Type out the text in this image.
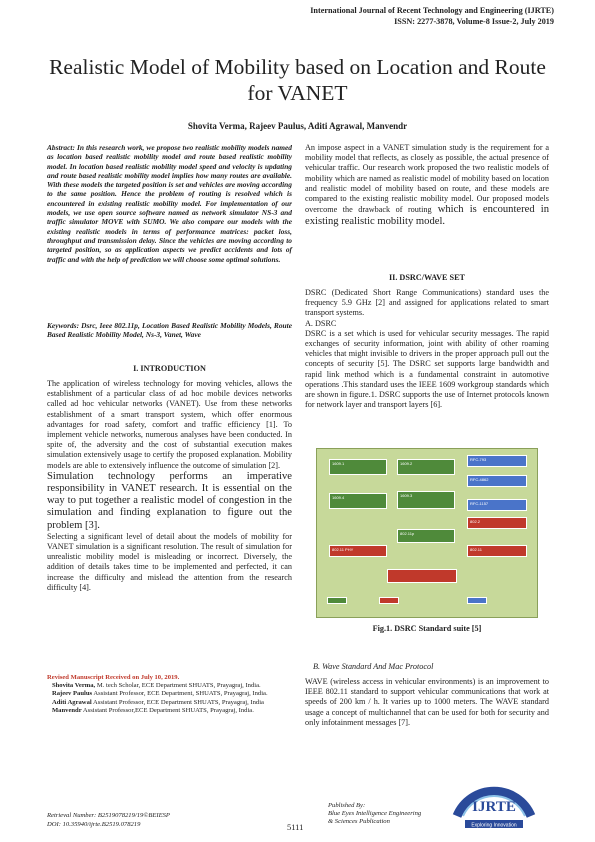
International Journal of Recent Technology and Engineering (IJRTE)
ISSN: 2277-3878, Volume-8 Issue-2, July 2019
Realistic Model of Mobility based on Location and Route for VANET
Shovita Verma, Rajeev Paulus, Aditi Agrawal, Manvendr
Abstract: In this research work, we propose two realistic mobility models named as location based realistic mobility model and route based realistic mobility model. In location based realistic mobility model speed and velocity is updating and route based realistic mobility model implies how many routes are available. With these models the targeted position is set and vehicles are moving according to the same position. Hence the problem of routing is resolved which is encountered in existing realistic mobility model. For implementation of our models, we use open source software named as network simulator NS-3 and traffic simulator MOVE with SUMO. We also compare our models with the existing realistic models in terms of performance matrices: packet loss, throughput and transmission delay. Since the vehicles are moving according to targeted position, so as application aspects we predict accidents and lots of traffic and with the help of prediction we will choose some optimal solutions.
Keywords: Dsrc, Ieee 802.11p, Location Based Realistic Mobility Models, Route Based Realistic Mobility Model, Ns-3, Vanet, Wave
I. INTRODUCTION
The application of wireless technology for moving vehicles, allows the establishment of a particular class of ad hoc mobile devices networks called ad hoc vehicular networks (VANET). Use from these networks establishment of a smart transport system, which offer enormous advantages for road safety, comfort and traffic efficiency [1]. To implement vehicle networks, numerous analyses have been conducted. In spite of, the adversity and the cost of substantial execution makes simulation extensively usage to certify the proposed explanation. Mobility models are able to extensively influence the outcome of simulation [2].
Simulation technology performs an imperative responsibility in VANET research. It is essential on the way to put together a realistic model of congestion in the simulation and finding explanation to figure out the problem [3].
Selecting a significant level of detail about the models of mobility for VANET simulation is a significant resolution. The result of simulation for unrealistic mobility model is misleading or incorrect. Diversely, the addition of details takes time to be implemented and perfected, it can increase the difficulty and mislead the attention from the research difficulty [4].
Revised Manuscript Received on July 10, 2019.
Shovita Verma, M. tech Scholar, ECE Department SHUATS, Prayagraj, India.
Rajeev Paulus Assistant Professor, ECE Department, SHUATS, Prayagraj, India.
Aditi Agrawal Assistant Professor, ECE Department SHUATS, Prayagraj, India
Manvendr Assistant Professor,ECE Department SHUATS, Prayagraj, India.
An impose aspect in a VANET simulation study is the requirement for a mobility model that reflects, as closely as possible, the actual presence of vehicular traffic. Our research work proposed the two realistic models of mobility which are named as realistic model of mobility based on location and realistic model of mobility based on route, and these models are compared to the existing realistic mobility model. Our proposed models overcome the drawback of routing which is encountered in existing realistic mobility model.
II. DSRC/WAVE SET
DSRC (Dedicated Short Range Communications) standard uses the frequency 5.9 GHz [2] and assigned for applications related to smart transport systems.
A. DSRC
DSRC is a set which is used for vehicular security messages. The rapid exchanges of security information, joint with ability of other roaming vehicles that might invisible to drivers in the proper approach pull out the concepts of security [5]. The DSRC set supports large bandwidth and rapid link method which is a fundamental constraint in automotive operations .This standard uses the IEEE 1609 workgroup standards which are shown in figure.1. DSRC supports the use of Internet protocols known for network layer and transport layers [6].
1609.1	1609.2
RFC-793
1609.4	1609.3
RFC-4862
RFC-1157
802.2
802.11p
802.11
802.11 PHY
Fig.1. DSRC Standard suite [5]
B. Wave Standard And Mac Protocol
WAVE (wireless access in vehicular environments) is an improvement to IEEE 802.11 standard to support vehicular communications that work at speeds of 200 km / h. It varies up to 1000 meters. The WAVE standard usage a concept of multichannel that can be used for both for security and only infotainment messages [7].
Retrieval Number: B2519078219/19©BEIESP
DOI: 10.35940/ijrte.B2519.078219
Published By:
Blue Eyes Intelligence Engineering
& Sciences Publication
5111
IJRTE
Exploring Innovation
